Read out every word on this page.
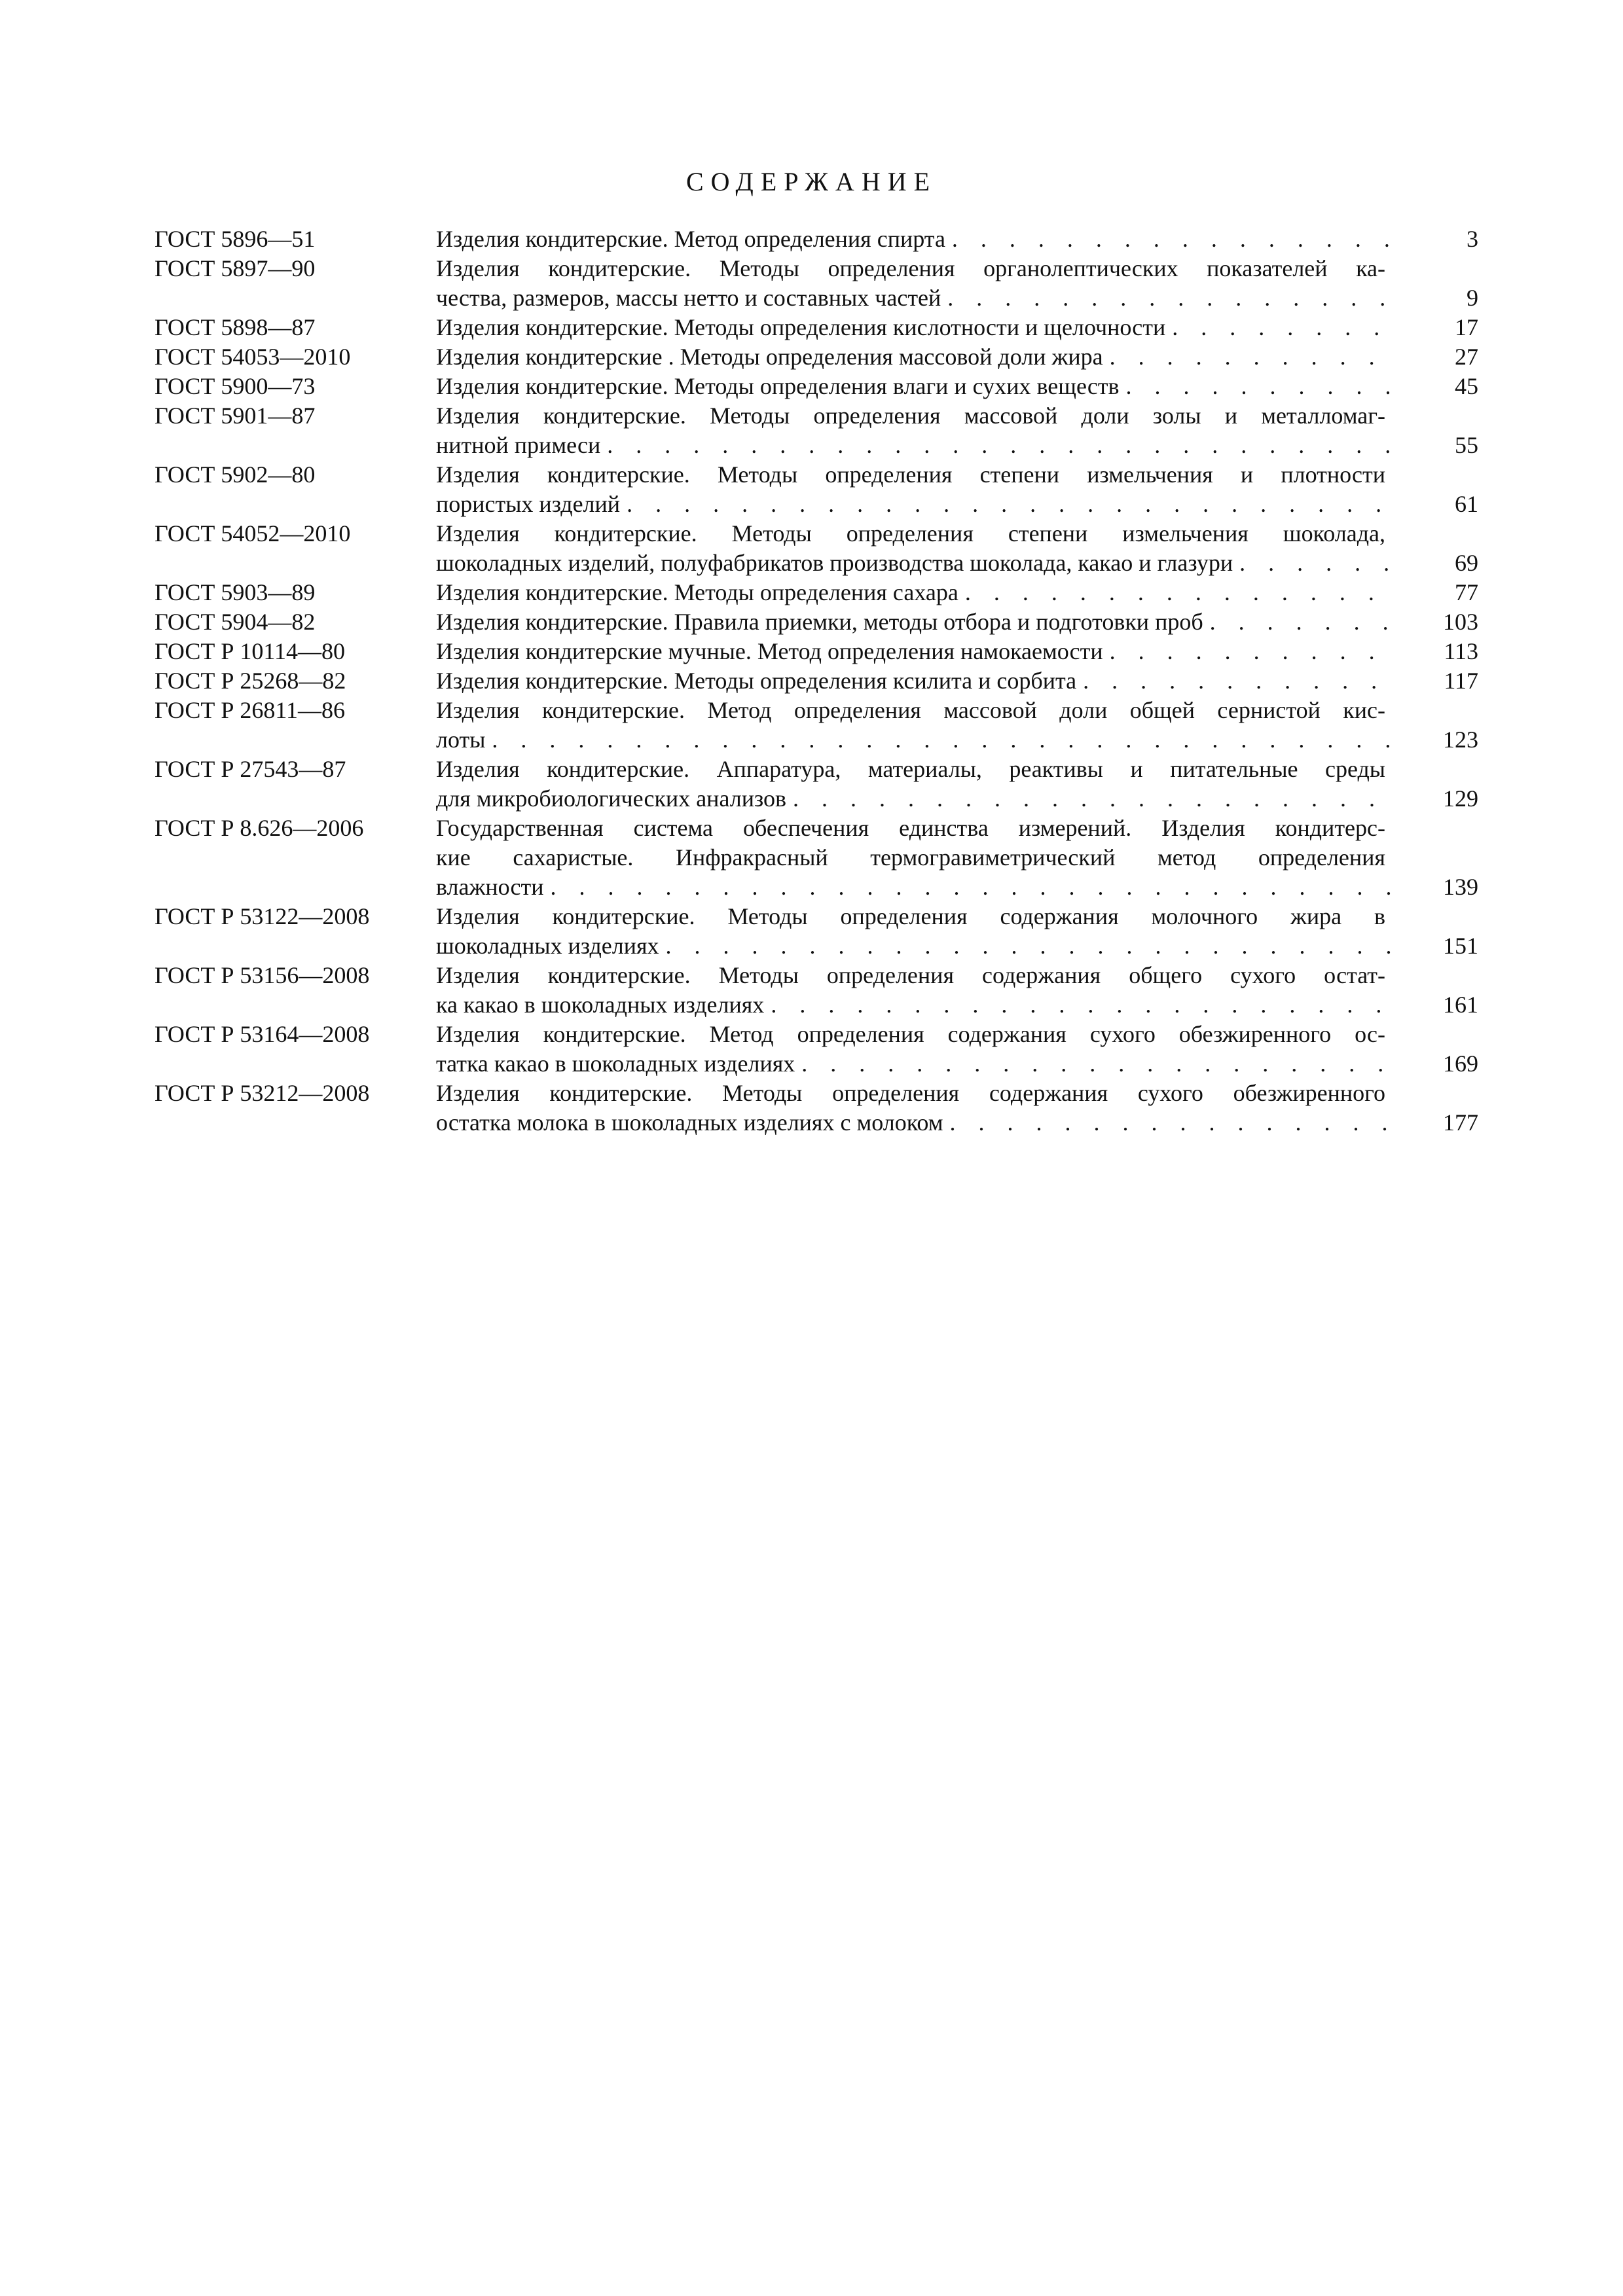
СОДЕРЖАНИЕ
ГОСТ 5896—51	Изделия кондитерские. Метод определения спирта . . .	3
ГОСТ 5897—90	Изделия кондитерские. Методы определения органолептических показателей ка-

чества, размеров, массы нетто и составных частей . . .	9
ГОСТ 5898—87	Изделия кондитерские. Методы определения кислотности и щелочности . . .	17
ГОСТ 54053—2010	Изделия кондитерские . Методы определения массовой доли жира . . .	27
ГОСТ 5900—73	Изделия кондитерские. Методы определения влаги и сухих веществ . . .	45
ГОСТ 5901—87	Изделия кондитерские. Методы определения массовой доли золы и металломаг-

нитной примеси . . .	55
ГОСТ 5902—80	Изделия кондитерские. Методы определения степени измельчения и плотности

пористых изделий . . .	61
ГОСТ 54052—2010	Изделия кондитерские. Методы определения степени измельчения шоколада,

шоколадных изделий, полуфабрикатов производства шоколада, какао и глазури . . .	69
ГОСТ 5903—89	Изделия кондитерские. Методы определения сахара . . .	77
ГОСТ 5904—82	Изделия кондитерские. Правила приемки, методы отбора и подготовки проб . . .	103
ГОСТ Р 10114—80	Изделия кондитерские мучные. Метод определения намокаемости . . .	113
ГОСТ Р 25268—82	Изделия кондитерские. Методы определения ксилита и сорбита . . .	117
ГОСТ Р 26811—86	Изделия кондитерские. Метод определения массовой доли общей сернистой кис-

лоты . . .	123
ГОСТ Р 27543—87	Изделия кондитерские. Аппаратура, материалы, реактивы и питательные среды

для микробиологических анализов . . .	129
ГОСТ Р 8.626—2006	Государственная система обеспечения единства измерений. Изделия кондитерс-

кие сахаристые. Инфракрасный термогравиметрический метод определения

влажности . . .	139
ГОСТ Р 53122—2008	Изделия кондитерские. Методы определения содержания молочного жира в

шоколадных изделиях . . .	151
ГОСТ Р 53156—2008	Изделия кондитерские. Методы определения содержания общего сухого остат-

ка какао в шоколадных изделиях . . .	161
ГОСТ Р 53164—2008	Изделия кондитерские. Метод определения содержания сухого обезжиренного ос-

татка какао в шоколадных изделиях . . .	169
ГОСТ Р 53212—2008	Изделия кондитерские. Методы определения содержания сухого обезжиренного

остатка молока в шоколадных изделиях с молоком . . .	177
